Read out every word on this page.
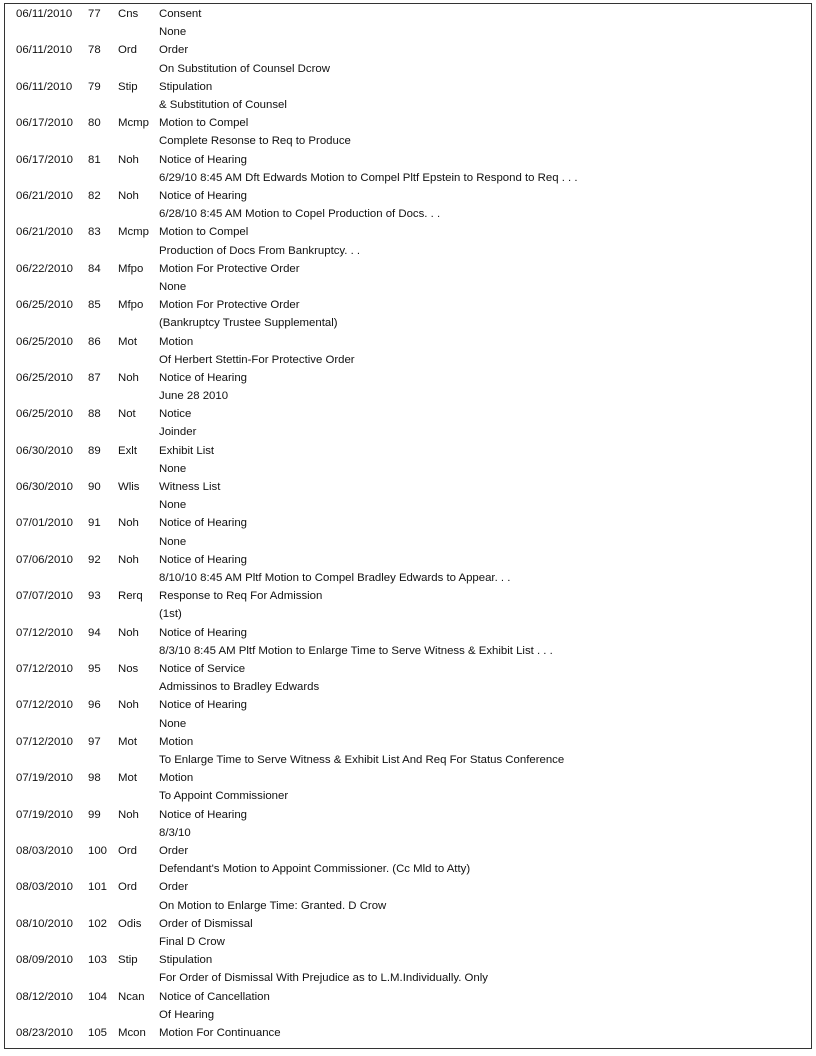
06/11/2010 77 Cns Consent
None
06/11/2010 78 Ord Order
On Substitution of Counsel Dcrow
06/11/2010 79 Stip Stipulation
& Substitution of Counsel
06/17/2010 80 Mcmp Motion to Compel
Complete Resonse to Req to Produce
06/17/2010 81 Noh Notice of Hearing
6/29/10 8:45 AM Dft Edwards Motion to Compel Pltf Epstein to Respond to Req . . .
06/21/2010 82 Noh Notice of Hearing
6/28/10 8:45 AM Motion to Copel Production of Docs. . .
06/21/2010 83 Mcmp Motion to Compel
Production of Docs From Bankruptcy. . .
06/22/2010 84 Mfpo Motion For Protective Order
None
06/25/2010 85 Mfpo Motion For Protective Order
(Bankruptcy Trustee Supplemental)
06/25/2010 86 Mot Motion
Of Herbert Stettin-For Protective Order
06/25/2010 87 Noh Notice of Hearing
June 28 2010
06/25/2010 88 Not Notice
Joinder
06/30/2010 89 Exlt Exhibit List
None
06/30/2010 90 Wlis Witness List
None
07/01/2010 91 Noh Notice of Hearing
None
07/06/2010 92 Noh Notice of Hearing
8/10/10 8:45 AM Pltf Motion to Compel Bradley Edwards to Appear. . .
07/07/2010 93 Rerq Response to Req For Admission
(1st)
07/12/2010 94 Noh Notice of Hearing
8/3/10 8:45 AM Pltf Motion to Enlarge Time to Serve Witness & Exhibit List . . .
07/12/2010 95 Nos Notice of Service
Admissinos to Bradley Edwards
07/12/2010 96 Noh Notice of Hearing
None
07/12/2010 97 Mot Motion
To Enlarge Time to Serve Witness & Exhibit List And Req For Status Conference
07/19/2010 98 Mot Motion
To Appoint Commissioner
07/19/2010 99 Noh Notice of Hearing
8/3/10
08/03/2010 100 Ord Order
Defendant's Motion to Appoint Commissioner. (Cc Mld to Atty)
08/03/2010 101 Ord Order
On Motion to Enlarge Time: Granted. D Crow
08/10/2010 102 Odis Order of Dismissal
Final D Crow
08/09/2010 103 Stip Stipulation
For Order of Dismissal With Prejudice as to L.M.Individually. Only
08/12/2010 104 Ncan Notice of Cancellation
Of Hearing
08/23/2010 105 Mcon Motion For Continuance
